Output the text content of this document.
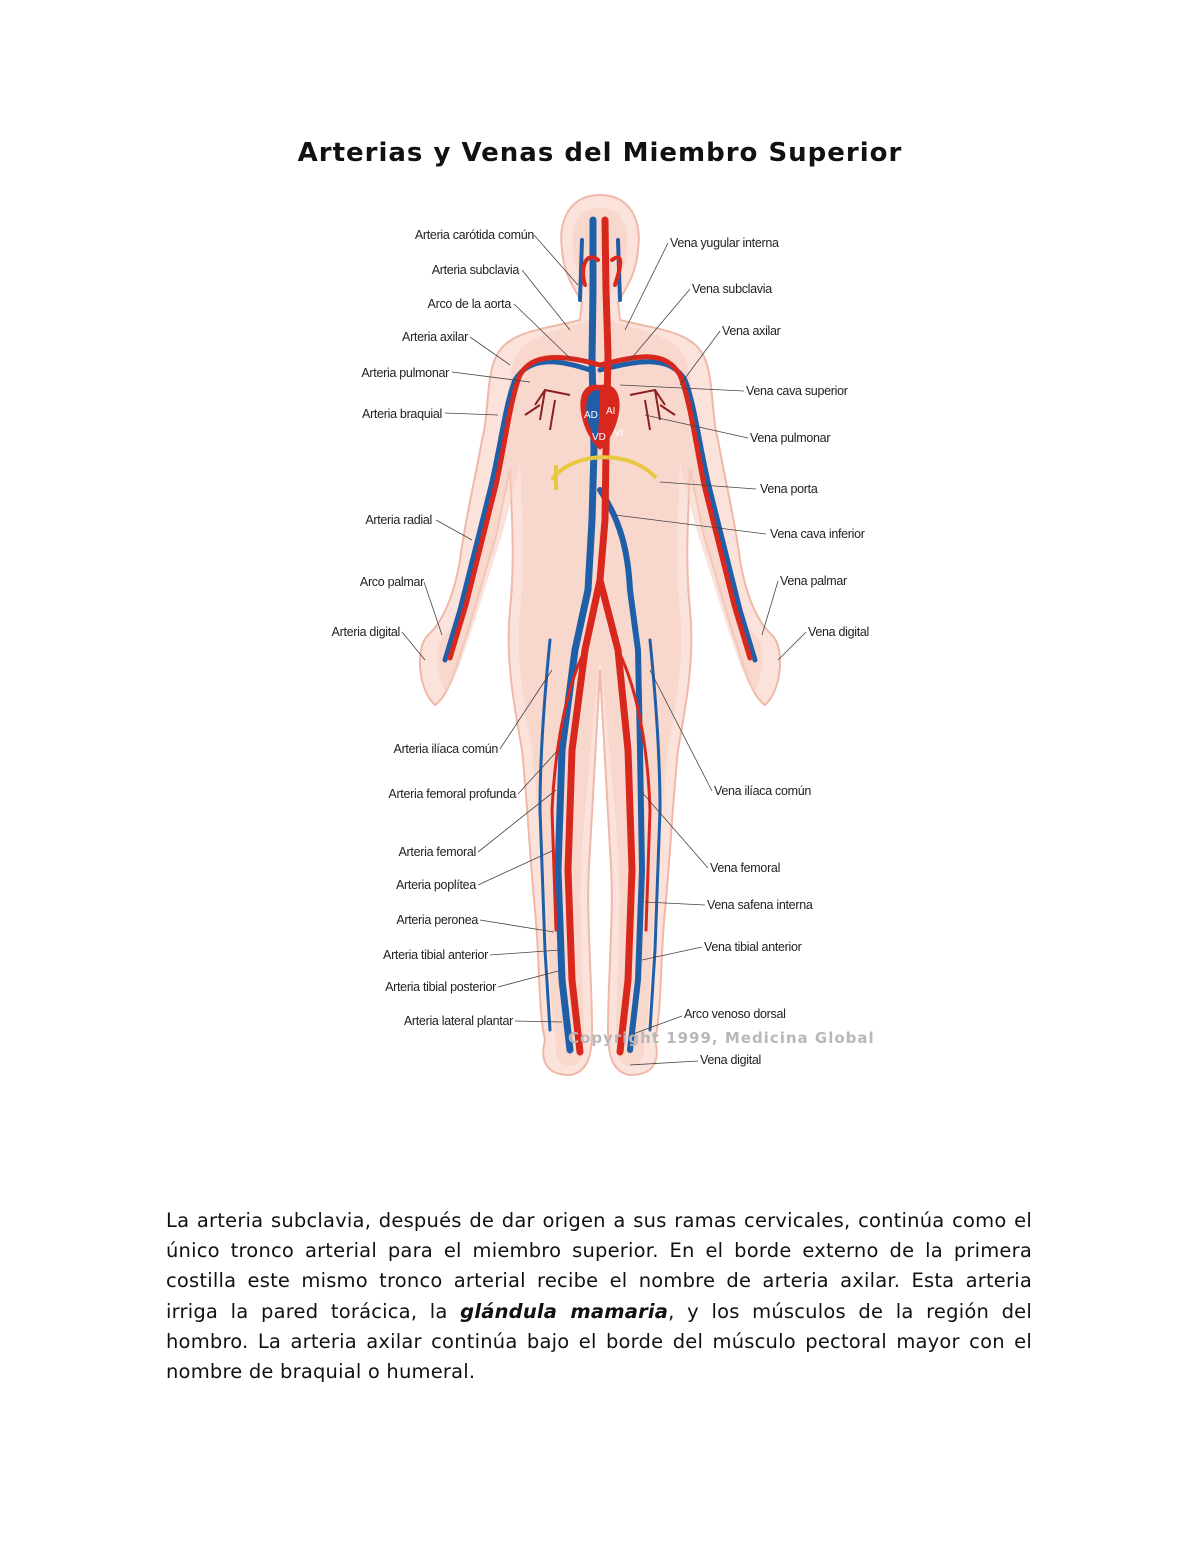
Arterias y Venas del Miembro Superior
AD AI
VD VI
Arteria carótida común
Arteria subclavia
Arco de la aorta
Arteria axilar
Arteria pulmonar
Arteria braquial
Arteria radial
Arco palmar
Arteria digital
Arteria ilíaca común
Arteria femoral profunda
Arteria femoral
Arteria poplítea
Arteria peronea
Arteria tibial anterior
Arteria tibial posterior
Arteria lateral plantar
Vena yugular interna
Vena subclavia
Vena axilar
Vena cava superior
Vena pulmonar
Vena porta
Vena cava inferior
Vena palmar
Vena digital
Vena ilíaca común
Vena femoral
Vena safena interna
Vena tibial anterior
Arco venoso dorsal
Vena digital
Copyright 1999, Medicina Global
La arteria subclavia, después de dar origen a sus ramas cervicales, continúa como el único tronco arterial para el miembro superior. En el borde externo de la primera costilla este mismo tronco arterial recibe el nombre de arteria axilar. Esta arteria irriga la pared torácica, la glándula mamaria, y los músculos de la región del hombro. La arteria axilar continúa bajo el borde del músculo pectoral mayor con el nombre de braquial o humeral.
